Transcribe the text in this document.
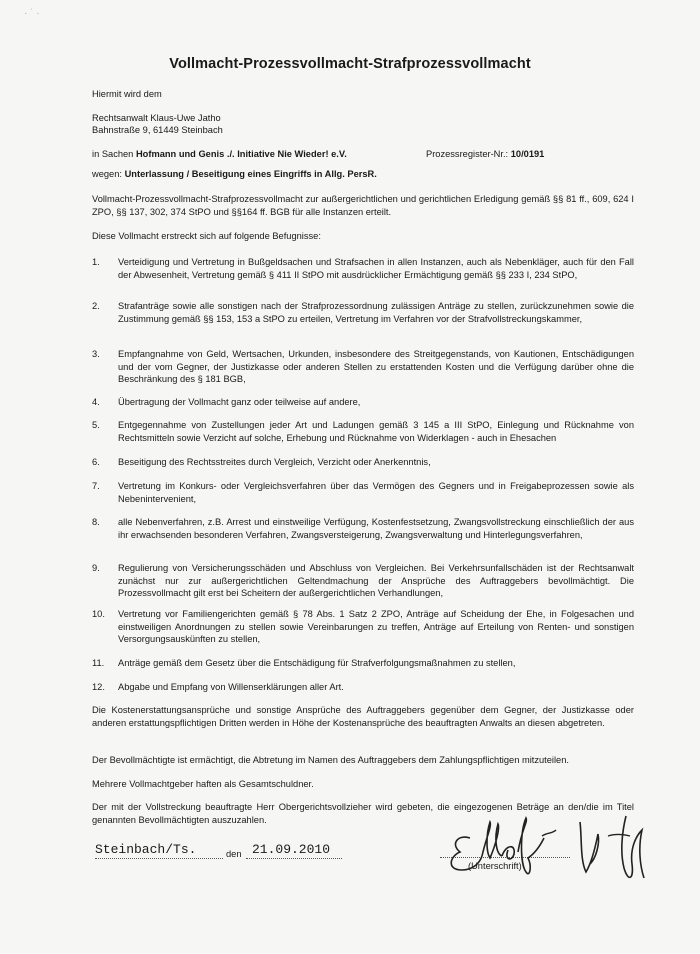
· ˙ ·
Vollmacht-Prozessvollmacht-Strafprozessvollmacht
Hiermit wird dem
Rechtsanwalt Klaus-Uwe Jatho
Bahnstraße 9, 61449 Steinbach
in Sachen Hofmann und Genis ./. Initiative Nie Wieder! e.V.	Prozessregister-Nr.: 10/0191
wegen: Unterlassung / Beseitigung eines Eingriffs in Allg. PersR.
Vollmacht-Prozessvollmacht-Strafprozessvollmacht zur außergerichtlichen und gerichtlichen Erledigung gemäß §§ 81 ff., 609, 624 I ZPO, §§ 137, 302, 374 StPO und §§164 ff. BGB für alle Instanzen erteilt.
Diese Vollmacht erstreckt sich auf folgende Befugnisse:
1. Verteidigung und Vertretung in Bußgeldsachen und Strafsachen in allen Instanzen, auch als Nebenkläger, auch für den Fall der Abwesenheit, Vertretung gemäß § 411 II StPO mit ausdrücklicher Ermächtigung gemäß §§ 233 I, 234 StPO,
2. Strafanträge sowie alle sonstigen nach der Strafprozessordnung zulässigen Anträge zu stellen, zurückzunehmen sowie die Zustimmung gemäß §§ 153, 153 a StPO zu erteilen, Vertretung im Verfahren vor der Strafvollstreckungskammer,
3. Empfangnahme von Geld, Wertsachen, Urkunden, insbesondere des Streitgegenstands, von Kautionen, Entschädigungen und der vom Gegner, der Justizkasse oder anderen Stellen zu erstattenden Kosten und die Verfügung darüber ohne die Beschränkung des § 181 BGB,
4. Übertragung der Vollmacht ganz oder teilweise auf andere,
5. Entgegennahme von Zustellungen jeder Art und Ladungen gemäß 3 145 a III StPO, Einlegung und Rücknahme von Rechtsmitteln sowie Verzicht auf solche, Erhebung und Rücknahme von Widerklagen - auch in Ehesachen
6. Beseitigung des Rechtsstreites durch Vergleich, Verzicht oder Anerkenntnis,
7. Vertretung im Konkurs- oder Vergleichsverfahren über das Vermögen des Gegners und in Freigabeprozessen sowie als Nebenintervenient,
8. alle Nebenverfahren, z.B. Arrest und einstweilige Verfügung, Kostenfestsetzung, Zwangsvollstreckung einschließlich der aus ihr erwachsenden besonderen Verfahren, Zwangsversteigerung, Zwangsverwaltung und Hinterlegungsverfahren,
9. Regulierung von Versicherungsschäden und Abschluss von Vergleichen. Bei Verkehrsunfallschäden ist der Rechtsanwalt zunächst nur zur außergerichtlichen Geltendmachung der Ansprüche des Auftraggebers bevollmächtigt. Die Prozessvollmacht gilt erst bei Scheitern der außergerichtlichen Verhandlungen,
10. Vertretung vor Familiengerichten gemäß § 78 Abs. 1 Satz 2 ZPO, Anträge auf Scheidung der Ehe, in Folgesachen und einstweiligen Anordnungen zu stellen sowie Vereinbarungen zu treffen, Anträge auf Erteilung von Renten- und sonstigen Versorgungsauskünften zu stellen,
11. Anträge gemäß dem Gesetz über die Entschädigung für Strafverfolgungsmaßnahmen zu stellen,
12. Abgabe und Empfang von Willenserklärungen aller Art.
Die Kostenerstattungsansprüche und sonstige Ansprüche des Auftraggebers gegenüber dem Gegner, der Justizkasse oder anderen erstattungspflichtigen Dritten werden in Höhe der Kostenansprüche des beauftragten Anwalts an diesen abgetreten.
Der Bevollmächtigte ist ermächtigt, die Abtretung im Namen des Auftraggebers dem Zahlungspflichtigen mitzuteilen.
Mehrere Vollmachtgeber haften als Gesamtschuldner.
Der mit der Vollstreckung beauftragte Herr Obergerichtsvollzieher wird gebeten, die eingezogenen Beträge an den/die im Titel genannten Bevollmächtigten auszuzahlen.
Steinbach/Ts.	den 21.09.2010
(Unterschrift)
